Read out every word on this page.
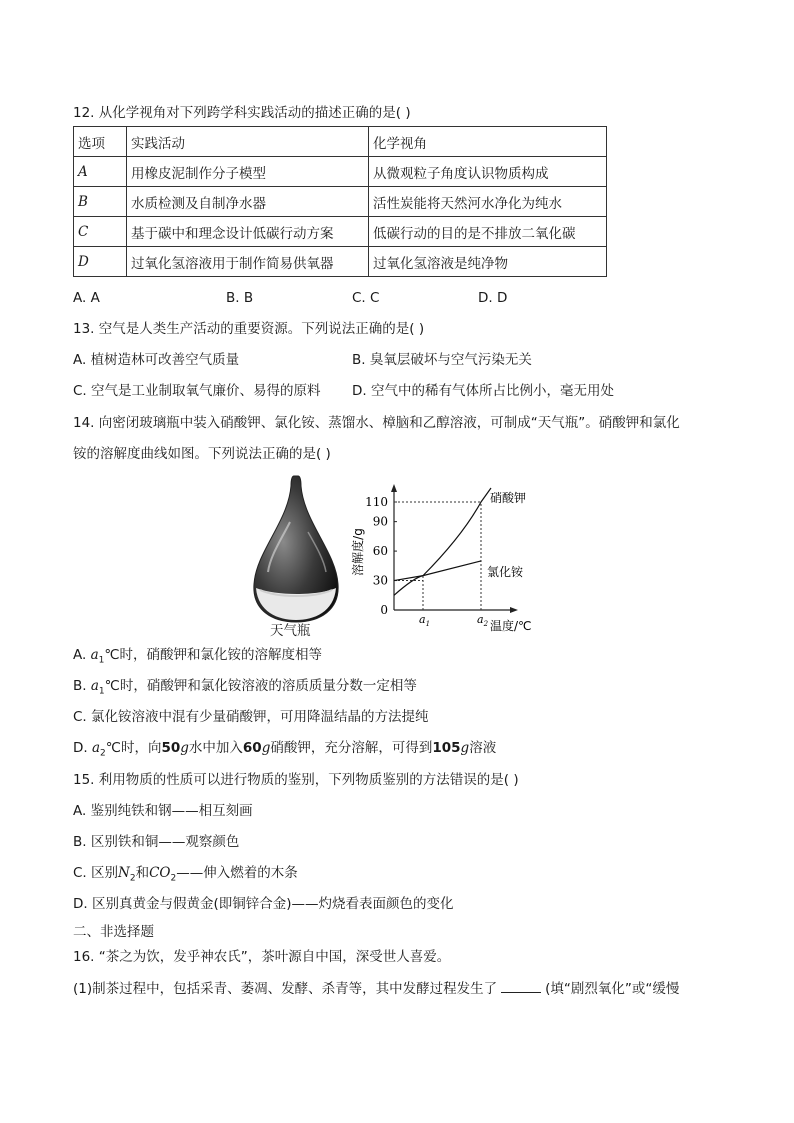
12. 从化学视角对下列跨学科实践活动的描述正确的是( )
选项	实践活动	化学视角
A	用橡皮泥制作分子模型	从微观粒子角度认识物质构成
B	水质检测及自制净水器	活性炭能将天然河水净化为纯水
C	基于碳中和理念设计低碳行动方案	低碳行动的目的是不排放二氧化碳
D	过氧化氢溶液用于制作简易供氧器	过氧化氢溶液是纯净物
A. A	B. B	C. C	D. D
13. 空气是人类生产活动的重要资源。下列说法正确的是( )
A. 植树造林可改善空气质量	B. 臭氧层破坏与空气污染无关
C. 空气是工业制取氧气廉价、易得的原料 D. 空气中的稀有气体所占比例小，毫无用处
14. 向密闭玻璃瓶中装入硝酸钾、氯化铵、蒸馏水、樟脑和乙醇溶液，可制成“天气瓶”。硝酸钾和氯化
铵的溶解度曲线如图。下列说法正确的是( )
天气瓶
0
30
60
90
110
$a_1$	$a_2$
溶解度/g
温度/℃
硝酸钾
氯化铵
A. $a_1℃$时，硝酸钾和氯化铵的溶解度相等
B. $a_1℃$时，硝酸钾和氯化铵溶液的溶质质量分数一定相等
C. 氯化铵溶液中混有少量硝酸钾，可用降温结晶的方法提纯
D. $a_2℃$时，向50g水中加入60g硝酸钾，充分溶解，可得到105g溶液
15. 利用物质的性质可以进行物质的鉴别，下列物质鉴别的方法错误的是( )
A. 鉴别纯铁和钢——相互刻画
B. 区别铁和铜——观察颜色
C. 区别$N_2$和$CO_2——$伸入燃着的木条
D. 区别真黄金与假黄金(即铜锌合金)——灼烧看表面颜色的变化
二、非选择题
16. “茶之为饮，发乎神农氏”，茶叶源自中国，深受世人喜爱。
(1)制茶过程中，包括采青、萎凋、发酵、杀青等，其中发酵过程发生了	(填“剧烈氧化”或“缓慢
